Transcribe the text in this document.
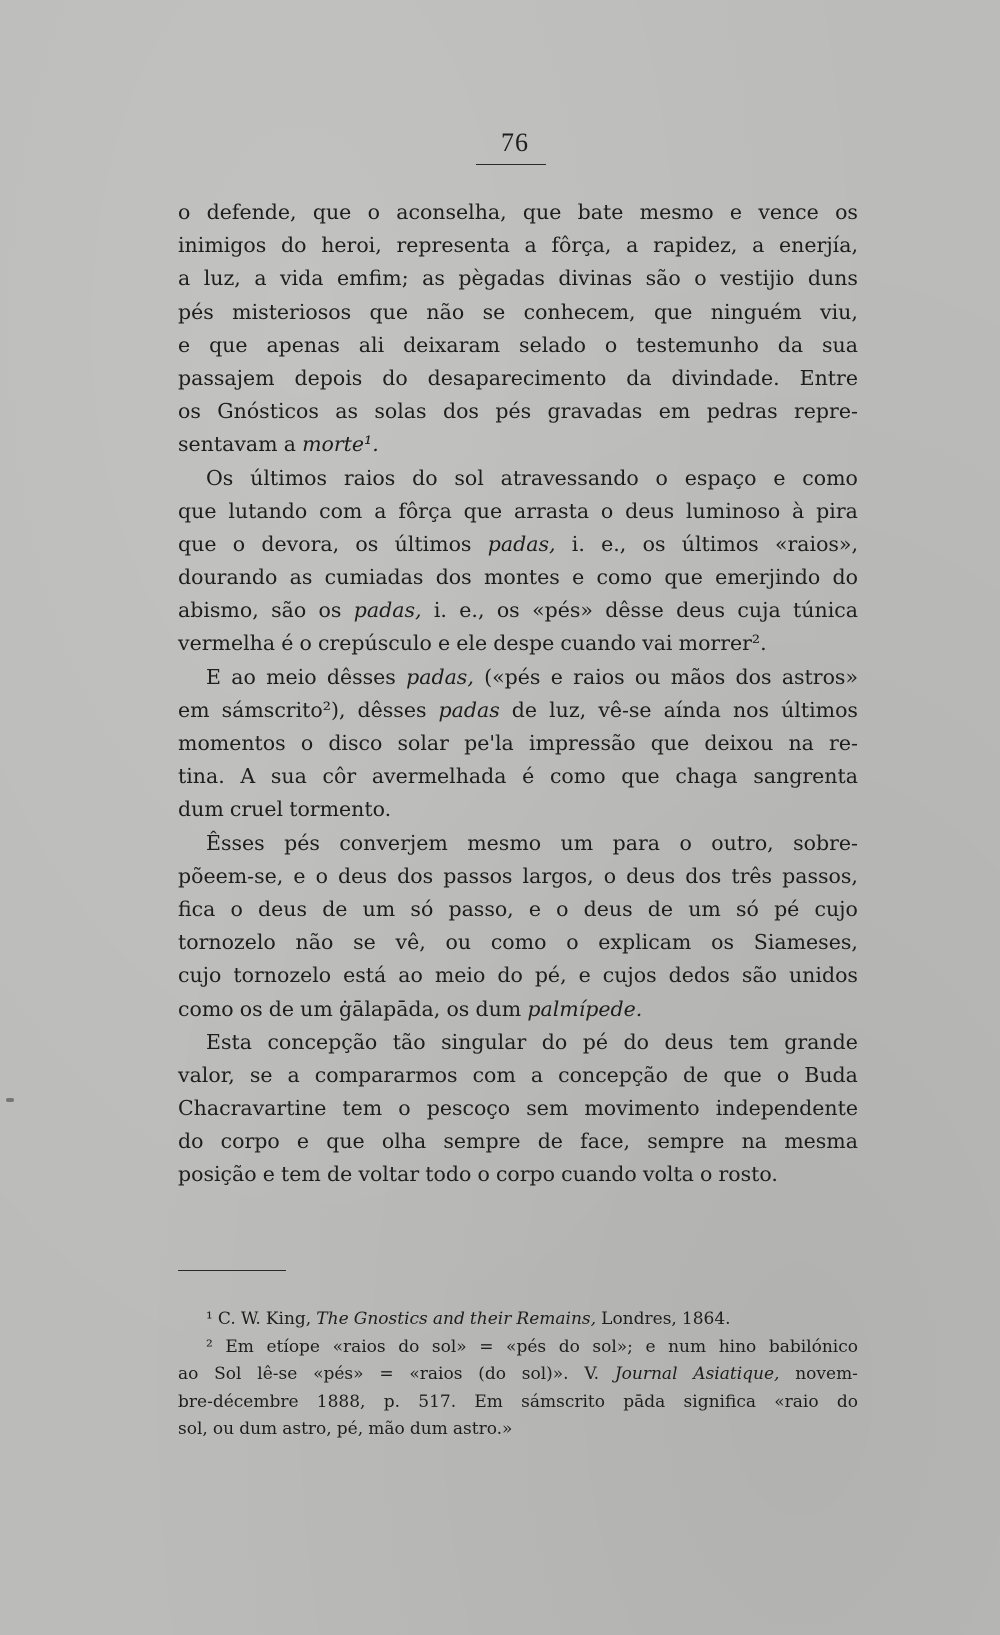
76
o defende, que o aconselha, que bate mesmo e vence os
inimigos do heroi, representa a fôrça, a rapidez, a enerjía,
a luz, a vida emfim; as pègadas divinas são o vestijio duns
pés misteriosos que não se conhecem, que ninguém viu,
e que apenas ali deixaram selado o testemunho da sua
passajem depois do desaparecimento da divindade. Entre
os Gnósticos as solas dos pés gravadas em pedras repre-
sentavam a morte¹.
Os últimos raios do sol atravessando o espaço e como
que lutando com a fôrça que arrasta o deus luminoso à pira
que o devora, os últimos padas, i. e., os últimos «raios»,
dourando as cumiadas dos montes e como que emerjindo do
abismo, são os padas, i. e., os «pés» dêsse deus cuja túnica
vermelha é o crepúsculo e ele despe cuando vai morrer².
E ao meio dêsses padas, («pés e raios ou mãos dos astros»
em sámscrito²), dêsses padas de luz, vê-se aínda nos últimos
momentos o disco solar pe'la impressão que deixou na re-
tina. A sua côr avermelhada é como que chaga sangrenta
dum cruel tormento.
Êsses pés converjem mesmo um para o outro, sobre-
põeem-se, e o deus dos passos largos, o deus dos três passos,
fica o deus de um só passo, e o deus de um só pé cujo
tornozelo não se vê, ou como o explicam os Siameses,
cujo tornozelo está ao meio do pé, e cujos dedos são unidos
como os de um ġālapāda, os dum palmípede.
Esta concepção tão singular do pé do deus tem grande
valor, se a compararmos com a concepção de que o Buda
Chacravartine tem o pescoço sem movimento independente
do corpo e que olha sempre de face, sempre na mesma
posição e tem de voltar todo o corpo cuando volta o rosto.
¹ C. W. King, The Gnostics and their Remains, Londres, 1864.
² Em etíope «raios do sol» = «pés do sol»; e num hino babilónico
ao Sol lê-se «pés» = «raios (do sol)». V. Journal Asiatique, novem-
bre-décembre 1888, p. 517. Em sámscrito pāda significa «raio do
sol, ou dum astro, pé, mão dum astro.»
